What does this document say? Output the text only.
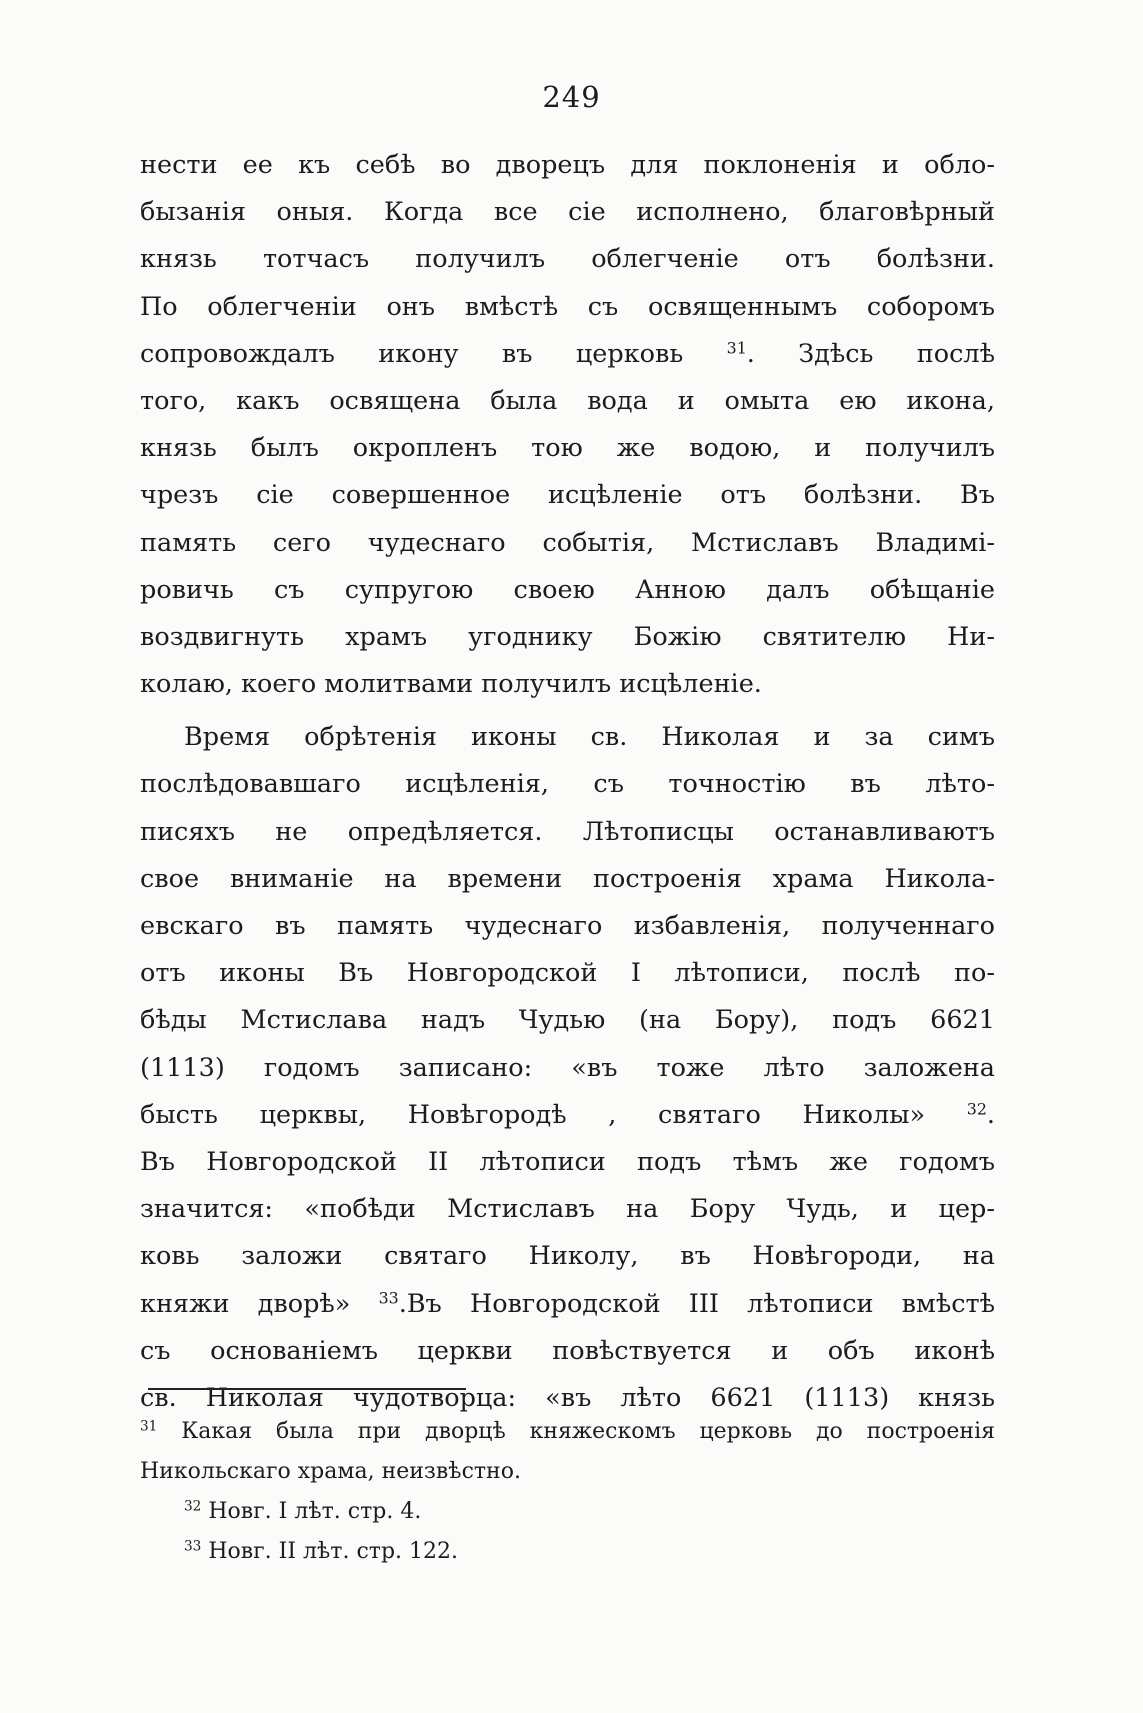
249
нести ее къ себѣ во дворецъ для поклоненія и обло-
бызанія оныя. Когда все сіе исполнено, благовѣрный
князь тотчасъ получилъ облегченіе отъ болѣзни.
По облегченіи онъ вмѣстѣ съ освященнымъ соборомъ
сопровождалъ икону въ церковь	$^{31}$. Здѣсь послѣ
того, какъ освящена была вода и омыта ею икона,
князь былъ окропленъ тою же водою, и получилъ
чрезъ сіе совершенное исцѣленіе отъ болѣзни. Въ
память сего чудеснаго событія, Мстиславъ Владимі-
ровичь съ супругою своею Анною далъ обѣщаніе
воздвигнуть храмъ угоднику Божію святителю Ни-
колаю, коего молитвами получилъ исцѣленіе.
Время обрѣтенія иконы св. Николая и за симъ
послѣдовавшаго исцѣленія, съ точностію въ лѣто-
писяхъ не опредѣляется. Лѣтописцы останавливаютъ
свое вниманіе на времени построенія храма Никола-
евскаго въ память чудеснаго избавленія, полученнаго
отъ иконы Въ Новгородской I лѣтописи, послѣ по-
бѣды Мстислава надъ Чудью (на Бору), подъ 6621
(1113) годомъ записано: «въ тоже лѣто заложена
бысть церквы, Новѣгородѣ , святаго Николы»	$^{32}$.
Въ Новгородской II лѣтописи подъ тѣмъ же годомъ
значится: «побѣди Мстиславъ на Бору Чудь, и цер-
ковь заложи святаго Николу, въ Новѣгороди, на
княжи дворѣ» $^{33}$.Въ Новгородской III лѣтописи вмѣстѣ
съ основаніемъ церкви повѣствуется и объ иконѣ
св. Николая чудотворца: «въ лѣто 6621 (1113) князь
$^{31}$ Какая была при дворцѣ княжескомъ церковь до построенія
Никольскаго храма, неизвѣстно.
$^{32}$ Новг. I лѣт. стр. 4.
$^{33}$ Новг. II лѣт. стр. 122.
